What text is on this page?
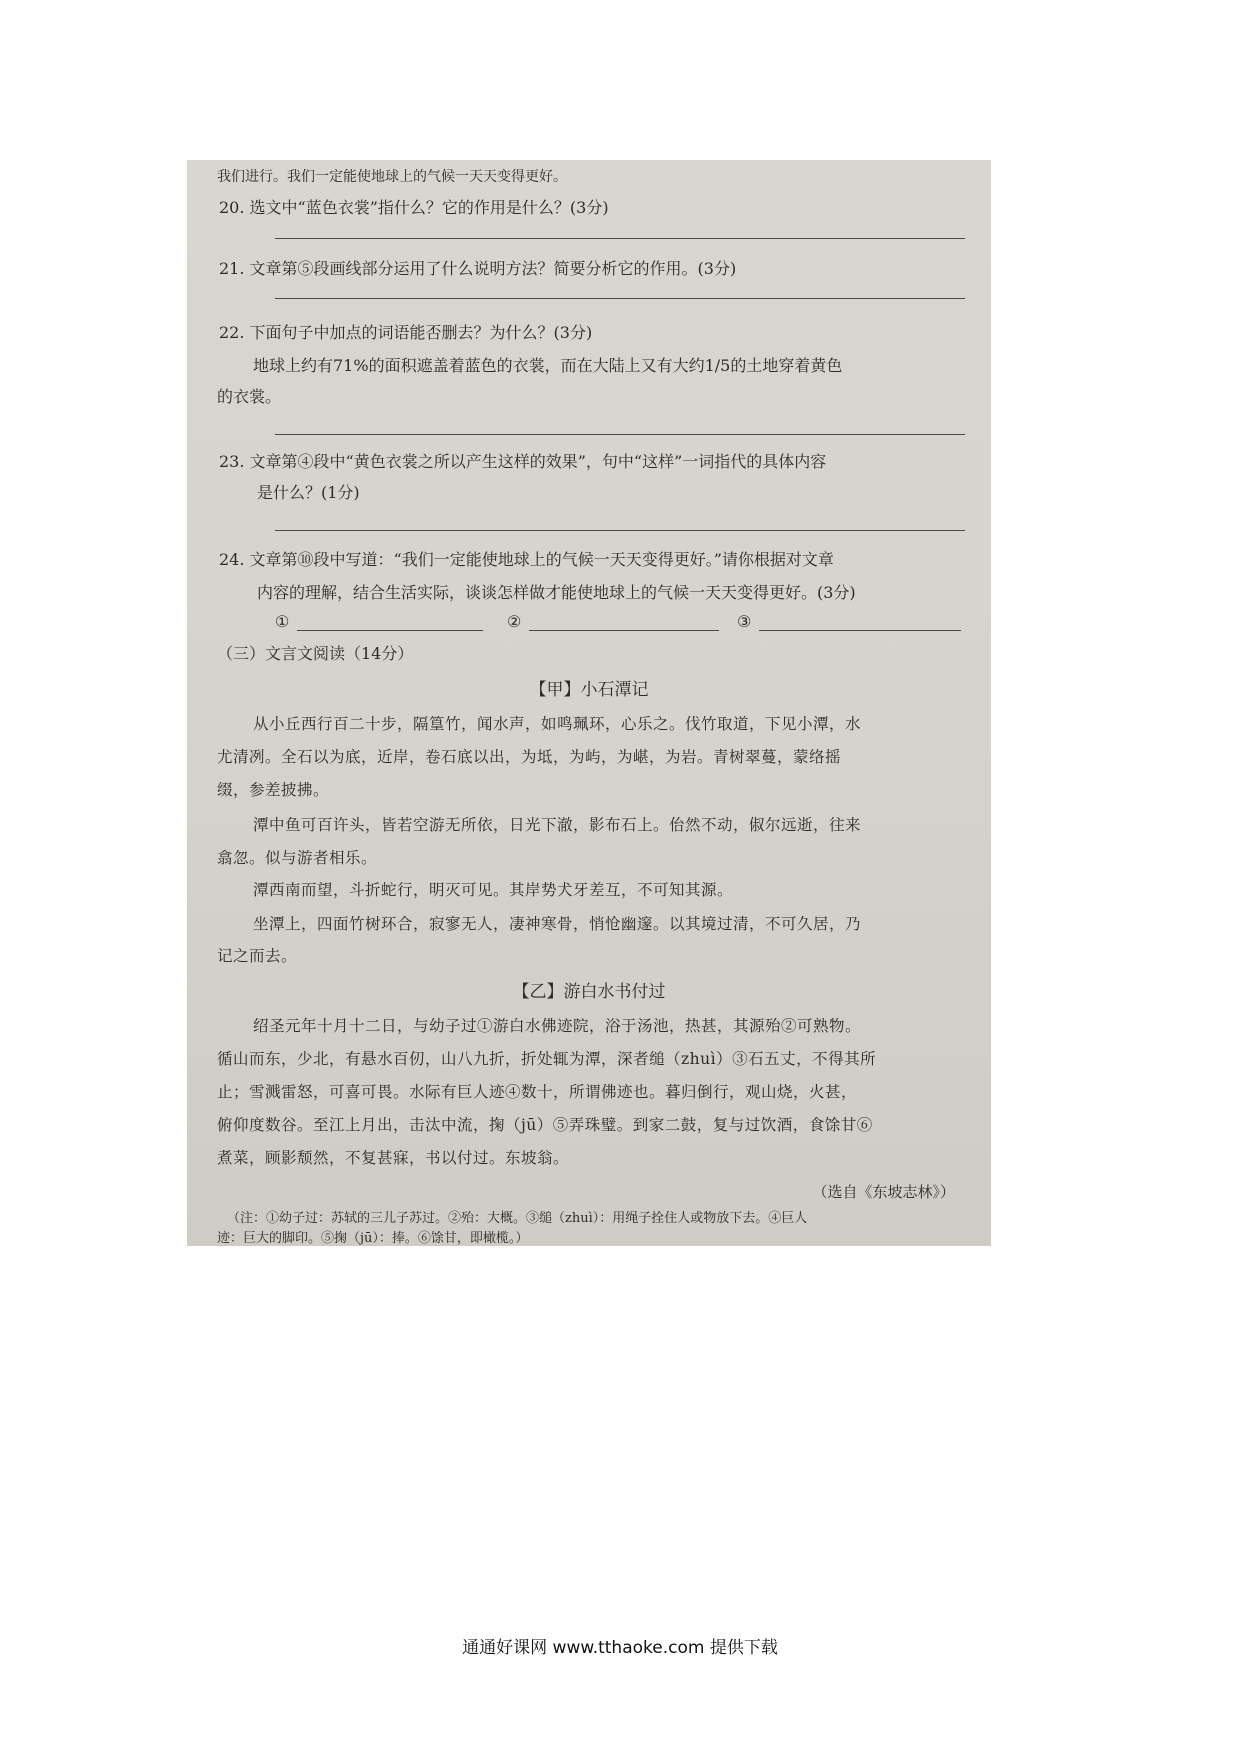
我们进行。我们一定能使地球上的气候一天天变得更好。
20. 选文中“蓝色衣裳”指什么？它的作用是什么？(3分)
21. 文章第⑤段画线部分运用了什么说明方法？简要分析它的作用。(3分)
22. 下面句子中加点的词语能否删去？为什么？(3分)
地球上约有71%的面积遮盖着蓝色的衣裳，而在大陆上又有大约1/5的土地穿着黄色
的衣裳。
23. 文章第④段中“黄色衣裳之所以产生这样的效果”，句中“这样”一词指代的具体内容
是什么？(1分)
24. 文章第⑩段中写道：“我们一定能使地球上的气候一天天变得更好。”请你根据对文章
内容的理解，结合生活实际，谈谈怎样做才能使地球上的气候一天天变得更好。(3分)
①	②	③
（三）文言文阅读（14分）
【甲】小石潭记
从小丘西行百二十步，隔篁竹，闻水声，如鸣珮环，心乐之。伐竹取道，下见小潭，水
尤清冽。全石以为底，近岸，卷石底以出，为坻，为屿，为嵁，为岩。青树翠蔓，蒙络摇
缀，参差披拂。
潭中鱼可百许头，皆若空游无所依，日光下澈，影布石上。佁然不动，俶尔远逝，往来
翕忽。似与游者相乐。
潭西南而望，斗折蛇行，明灭可见。其岸势犬牙差互，不可知其源。
坐潭上，四面竹树环合，寂寥无人，凄神寒骨，悄怆幽邃。以其境过清，不可久居，乃
记之而去。
【乙】游白水书付过
绍圣元年十月十二日，与幼子过①游白水佛迹院，浴于汤池，热甚，其源殆②可熟物。
循山而东，少北，有悬水百仞，山八九折，折处辄为潭，深者缒（zhuì）③石五丈，不得其所
止；雪溅雷怒，可喜可畏。水际有巨人迹④数十，所谓佛迹也。暮归倒行，观山烧，火甚，
俯仰度数谷。至江上月出，击汰中流，掬（jū）⑤弄珠璧。到家二鼓，复与过饮酒，食馀甘⑥
煮菜，顾影颓然，不复甚寐，书以付过。东坡翁。
（选自《东坡志林》）
（注：①幼子过：苏轼的三儿子苏过。②殆：大概。③缒（zhuì）：用绳子拴住人或物放下去。④巨人
迹：巨大的脚印。⑤掬（jū）：捧。⑥馀甘，即橄榄。）
通通好课网 www.tthaoke.com 提供下载
